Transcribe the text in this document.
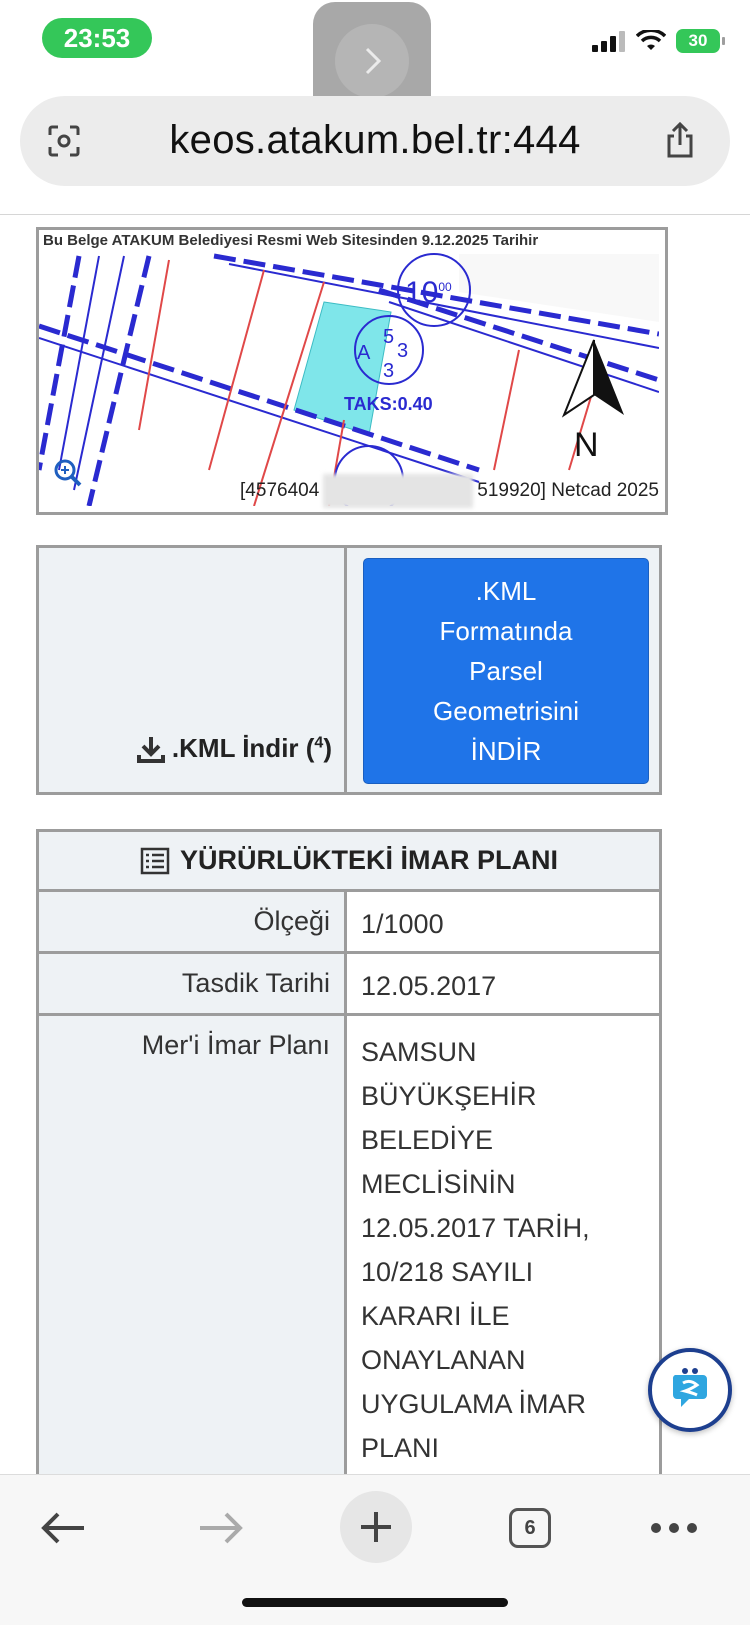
23:53	30
keos.atakum.bel.tr:444
Bu Belge ATAKUM Belediyesi Resmi Web Sitesinden 9.12.2025 Tarihir
$10^{00}$
A
5
3
3
TAKS:0.40
N
[4576404	519920] Netcad 2025
.KML İndir ($^4$)
.KML
Formatında
Parsel
Geometrisini
İNDİR
YÜRÜRLÜKTEKİ İMAR PLANI
Ölçeği	1/1000
Tasdik Tarihi	12.05.2017
Mer'i İmar Planı	SAMSUN BÜYÜKŞEHİR BELEDİYE MECLİSİNİN 12.05.2017 TARİH, 10/218 SAYILI KARARI İLE ONAYLANAN UYGULAMA İMAR PLANI
6
